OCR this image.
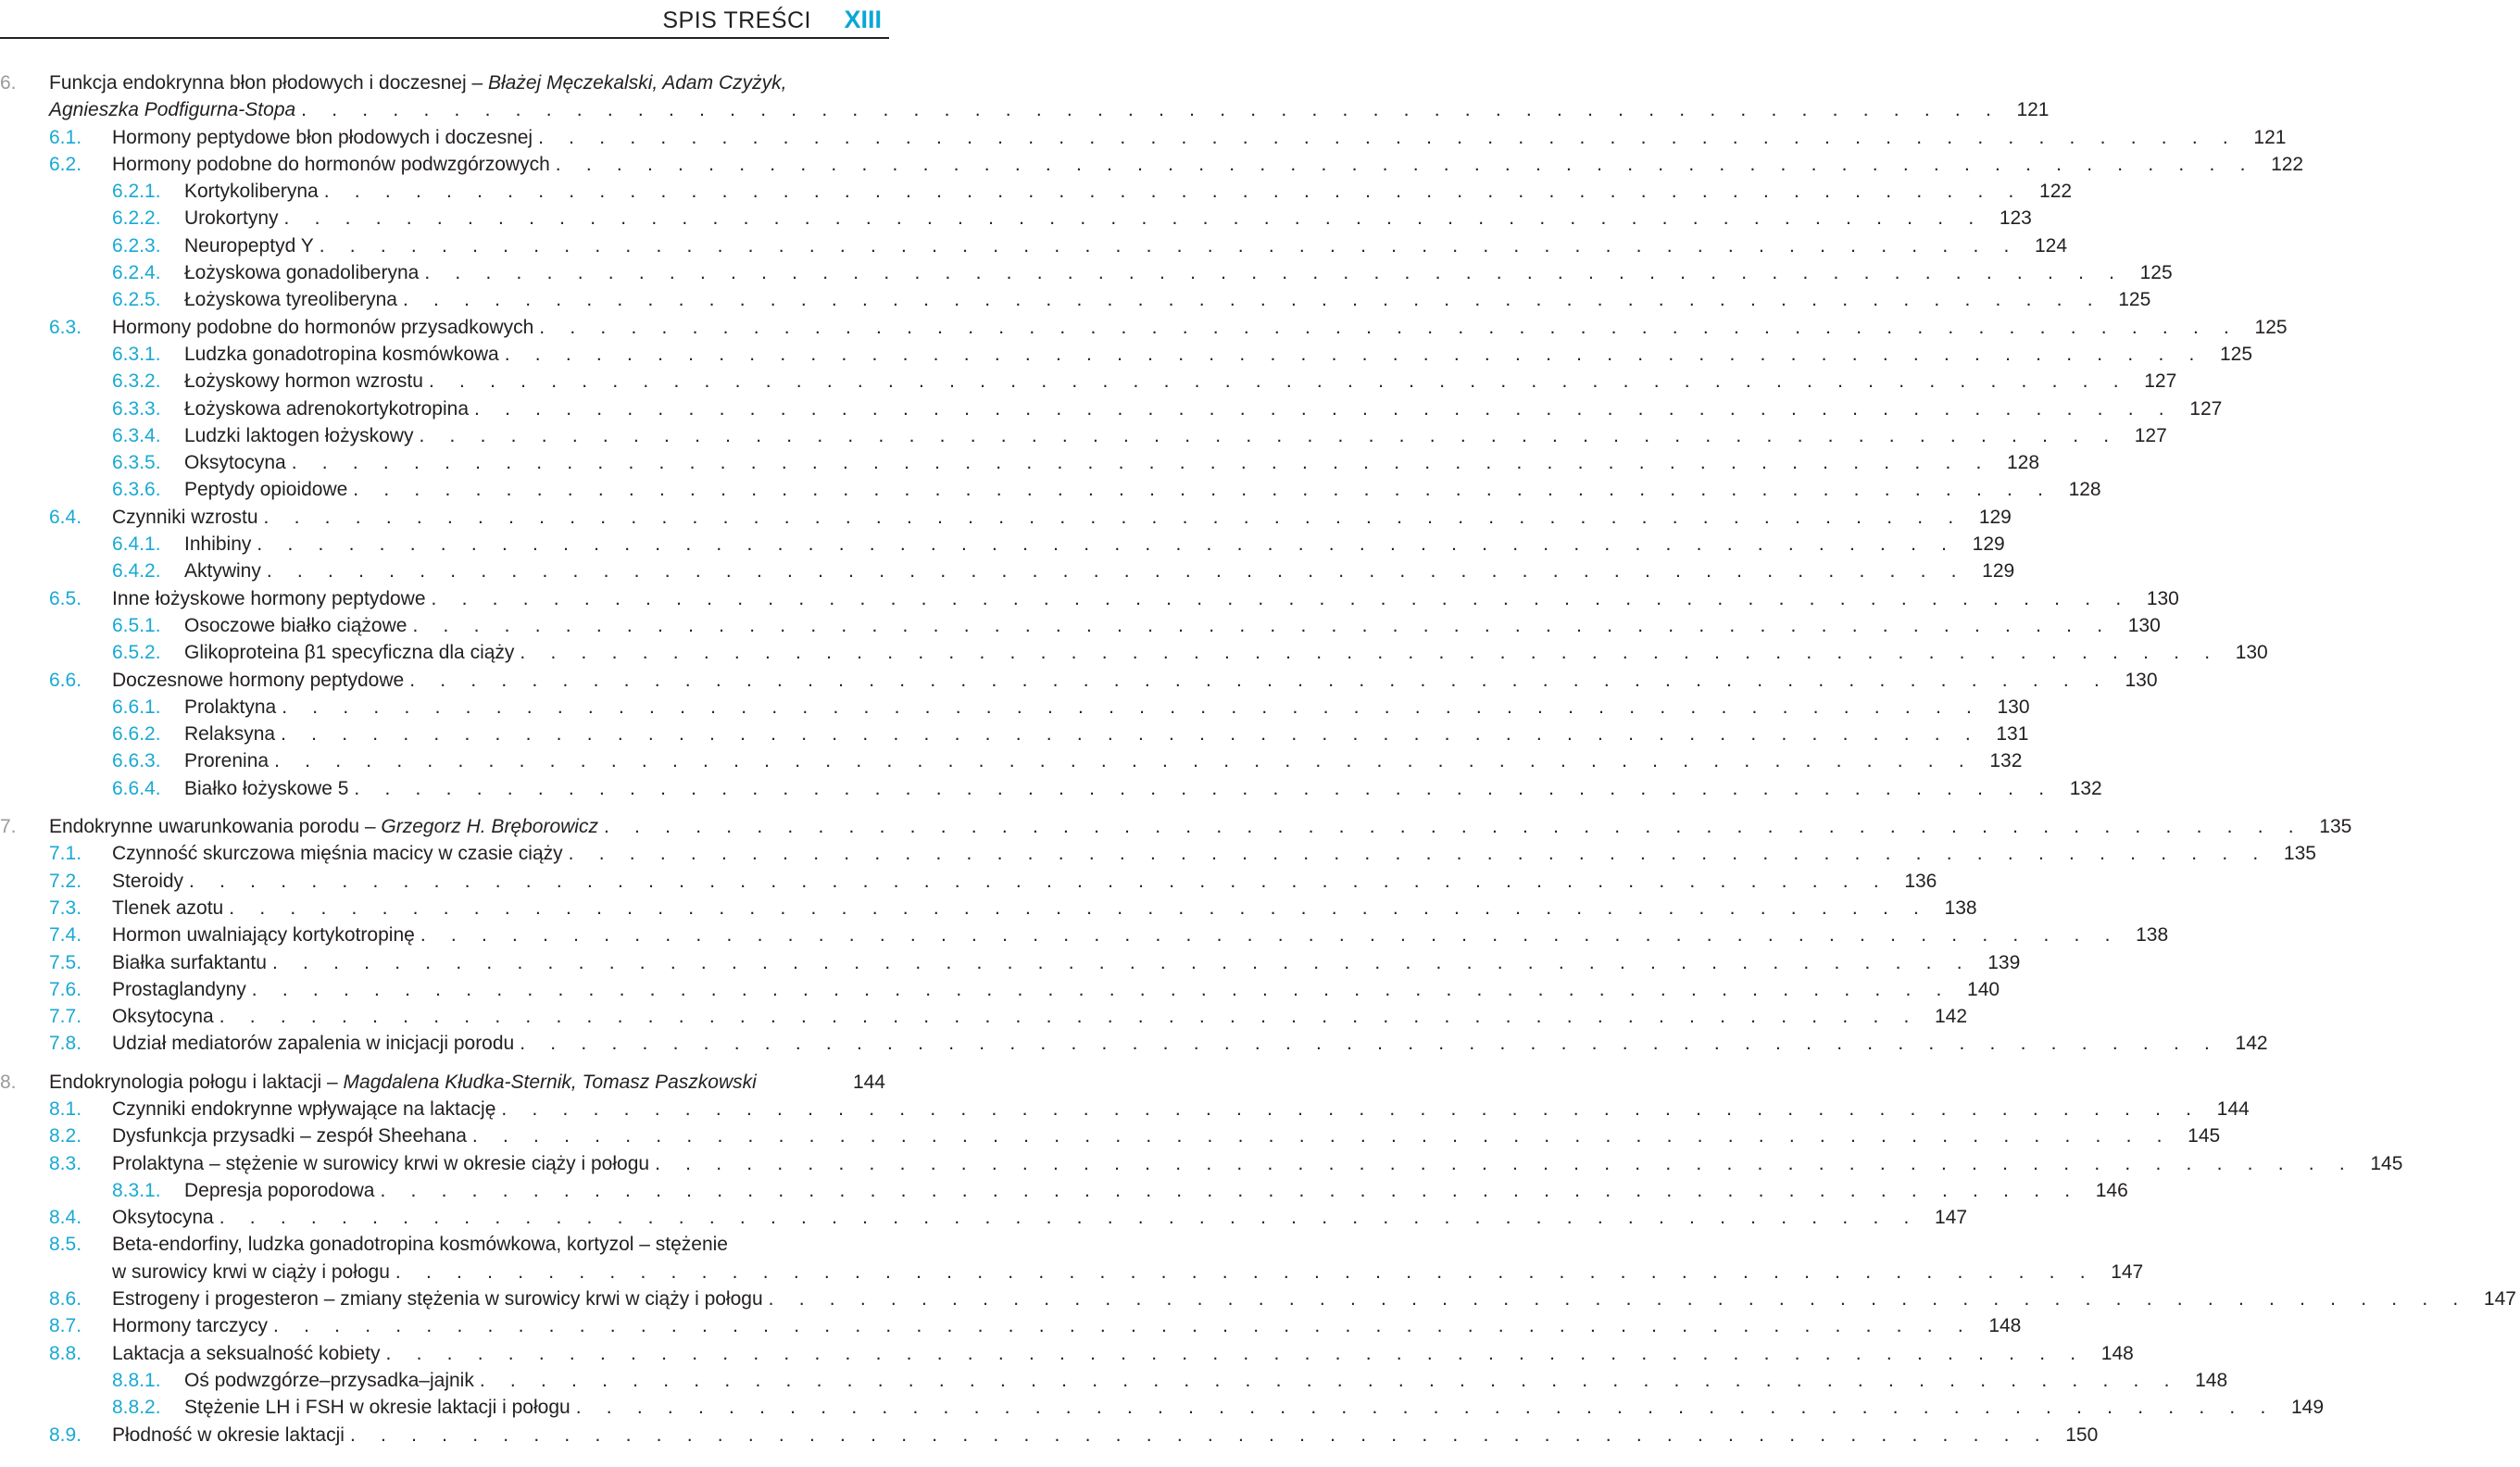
SPIS TREŚCI XIII
6. Funkcja endokrynna błon płodowych i doczesnej – Błażej Męczekalski, Adam Czyżyk,
Agnieszka Podfigurna-Stopa . . . . . . . . . . . . . . . . . . . . . . . . . . . . . . . . . . . . . . . . . . . . . . . . . . . . . . . . 121
6.1. Hormony peptydowe błon płodowych i doczesnej . . . . . . . . . . . . . . . . . . . . . . . . . . . . . . . . . . . . . . . . . . . . . . . . . . . . . . . . 121
6.2. Hormony podobne do hormonów podwzgórzowych . . . . . . . . . . . . . . . . . . . . . . . . . . . . . . . . . . . . . . . . . . . . . . . . . . . . . . . . 122
6.2.1. Kortykoliberyna . . . . . . . . . . . . . . . . . . . . . . . . . . . . . . . . . . . . . . . . . . . . . . . . . . . . . . . . 122
6.2.2. Urokortyny . . . . . . . . . . . . . . . . . . . . . . . . . . . . . . . . . . . . . . . . . . . . . . . . . . . . . . . . 123
6.2.3. Neuropeptyd Y . . . . . . . . . . . . . . . . . . . . . . . . . . . . . . . . . . . . . . . . . . . . . . . . . . . . . . . . 124
6.2.4. Łożyskowa gonadoliberyna . . . . . . . . . . . . . . . . . . . . . . . . . . . . . . . . . . . . . . . . . . . . . . . . . . . . . . . . 125
6.2.5. Łożyskowa tyreoliberyna . . . . . . . . . . . . . . . . . . . . . . . . . . . . . . . . . . . . . . . . . . . . . . . . . . . . . . . . 125
6.3. Hormony podobne do hormonów przysadkowych . . . . . . . . . . . . . . . . . . . . . . . . . . . . . . . . . . . . . . . . . . . . . . . . . . . . . . . . 125
6.3.1. Ludzka gonadotropina kosmówkowa . . . . . . . . . . . . . . . . . . . . . . . . . . . . . . . . . . . . . . . . . . . . . . . . . . . . . . . . 125
6.3.2. Łożyskowy hormon wzrostu . . . . . . . . . . . . . . . . . . . . . . . . . . . . . . . . . . . . . . . . . . . . . . . . . . . . . . . . 127
6.3.3. Łożyskowa adrenokortykotropina . . . . . . . . . . . . . . . . . . . . . . . . . . . . . . . . . . . . . . . . . . . . . . . . . . . . . . . . 127
6.3.4. Ludzki laktogen łożyskowy . . . . . . . . . . . . . . . . . . . . . . . . . . . . . . . . . . . . . . . . . . . . . . . . . . . . . . . . 127
6.3.5. Oksytocyna . . . . . . . . . . . . . . . . . . . . . . . . . . . . . . . . . . . . . . . . . . . . . . . . . . . . . . . . 128
6.3.6. Peptydy opioidowe . . . . . . . . . . . . . . . . . . . . . . . . . . . . . . . . . . . . . . . . . . . . . . . . . . . . . . . . 128
6.4. Czynniki wzrostu . . . . . . . . . . . . . . . . . . . . . . . . . . . . . . . . . . . . . . . . . . . . . . . . . . . . . . . . 129
6.4.1. Inhibiny . . . . . . . . . . . . . . . . . . . . . . . . . . . . . . . . . . . . . . . . . . . . . . . . . . . . . . . . 129
6.4.2. Aktywiny . . . . . . . . . . . . . . . . . . . . . . . . . . . . . . . . . . . . . . . . . . . . . . . . . . . . . . . . 129
6.5. Inne łożyskowe hormony peptydowe . . . . . . . . . . . . . . . . . . . . . . . . . . . . . . . . . . . . . . . . . . . . . . . . . . . . . . . . 130
6.5.1. Osoczowe białko ciążowe . . . . . . . . . . . . . . . . . . . . . . . . . . . . . . . . . . . . . . . . . . . . . . . . . . . . . . . . 130
6.5.2. Glikoproteina β1 specyficzna dla ciąży . . . . . . . . . . . . . . . . . . . . . . . . . . . . . . . . . . . . . . . . . . . . . . . . . . . . . . . . 130
6.6. Doczesnowe hormony peptydowe . . . . . . . . . . . . . . . . . . . . . . . . . . . . . . . . . . . . . . . . . . . . . . . . . . . . . . . . 130
6.6.1. Prolaktyna . . . . . . . . . . . . . . . . . . . . . . . . . . . . . . . . . . . . . . . . . . . . . . . . . . . . . . . . 130
6.6.2. Relaksyna . . . . . . . . . . . . . . . . . . . . . . . . . . . . . . . . . . . . . . . . . . . . . . . . . . . . . . . . 131
6.6.3. Prorenina . . . . . . . . . . . . . . . . . . . . . . . . . . . . . . . . . . . . . . . . . . . . . . . . . . . . . . . . 132
6.6.4. Białko łożyskowe 5 . . . . . . . . . . . . . . . . . . . . . . . . . . . . . . . . . . . . . . . . . . . . . . . . . . . . . . . . 132
7. Endokrynne uwarunkowania porodu – Grzegorz H. Bręborowicz . . . . . . . . . . . . . . . . . . . . . . . . . . . . . . . . . . . . . . . . . . . . . . . . . . . . . . . . 135
7.1. Czynność skurczowa mięśnia macicy w czasie ciąży . . . . . . . . . . . . . . . . . . . . . . . . . . . . . . . . . . . . . . . . . . . . . . . . . . . . . . . . 135
7.2. Steroidy . . . . . . . . . . . . . . . . . . . . . . . . . . . . . . . . . . . . . . . . . . . . . . . . . . . . . . . . 136
7.3. Tlenek azotu . . . . . . . . . . . . . . . . . . . . . . . . . . . . . . . . . . . . . . . . . . . . . . . . . . . . . . . . 138
7.4. Hormon uwalniający kortykotropinę . . . . . . . . . . . . . . . . . . . . . . . . . . . . . . . . . . . . . . . . . . . . . . . . . . . . . . . . 138
7.5. Białka surfaktantu . . . . . . . . . . . . . . . . . . . . . . . . . . . . . . . . . . . . . . . . . . . . . . . . . . . . . . . . 139
7.6. Prostaglandyny . . . . . . . . . . . . . . . . . . . . . . . . . . . . . . . . . . . . . . . . . . . . . . . . . . . . . . . . 140
7.7. Oksytocyna . . . . . . . . . . . . . . . . . . . . . . . . . . . . . . . . . . . . . . . . . . . . . . . . . . . . . . . . 142
7.8. Udział mediatorów zapalenia w inicjacji porodu . . . . . . . . . . . . . . . . . . . . . . . . . . . . . . . . . . . . . . . . . . . . . . . . . . . . . . . . 142
8. Endokrynologia połogu i laktacji – Magdalena Kłudka-Sternik, Tomasz Paszkowski	144
8.1. Czynniki endokrynne wpływające na laktację . . . . . . . . . . . . . . . . . . . . . . . . . . . . . . . . . . . . . . . . . . . . . . . . . . . . . . . . 144
8.2. Dysfunkcja przysadki – zespół Sheehana . . . . . . . . . . . . . . . . . . . . . . . . . . . . . . . . . . . . . . . . . . . . . . . . . . . . . . . . 145
8.3. Prolaktyna – stężenie w surowicy krwi w okresie ciąży i połogu . . . . . . . . . . . . . . . . . . . . . . . . . . . . . . . . . . . . . . . . . . . . . . . . . . . . . . . . 145
8.3.1. Depresja poporodowa . . . . . . . . . . . . . . . . . . . . . . . . . . . . . . . . . . . . . . . . . . . . . . . . . . . . . . . . 146
8.4. Oksytocyna . . . . . . . . . . . . . . . . . . . . . . . . . . . . . . . . . . . . . . . . . . . . . . . . . . . . . . . . 147
8.5. Beta-endorfiny, ludzka gonadotropina kosmówkowa, kortyzol – stężenie
w surowicy krwi w ciąży i połogu . . . . . . . . . . . . . . . . . . . . . . . . . . . . . . . . . . . . . . . . . . . . . . . . . . . . . . . . 147
8.6. Estrogeny i progesteron – zmiany stężenia w surowicy krwi w ciąży i połogu . . . . . . . . . . . . . . . . . . . . . . . . . . . . . . . . . . . . . . . . . . . . . . . . . . . . . . . . 147
8.7. Hormony tarczycy . . . . . . . . . . . . . . . . . . . . . . . . . . . . . . . . . . . . . . . . . . . . . . . . . . . . . . . . 148
8.8. Laktacja a seksualność kobiety . . . . . . . . . . . . . . . . . . . . . . . . . . . . . . . . . . . . . . . . . . . . . . . . . . . . . . . . 148
8.8.1. Oś podwzgórze–przysadka–jajnik . . . . . . . . . . . . . . . . . . . . . . . . . . . . . . . . . . . . . . . . . . . . . . . . . . . . . . . . 148
8.8.2. Stężenie LH i FSH w okresie laktacji i połogu . . . . . . . . . . . . . . . . . . . . . . . . . . . . . . . . . . . . . . . . . . . . . . . . . . . . . . . . 149
8.9. Płodność w okresie laktacji . . . . . . . . . . . . . . . . . . . . . . . . . . . . . . . . . . . . . . . . . . . . . . . . . . . . . . . . 150
